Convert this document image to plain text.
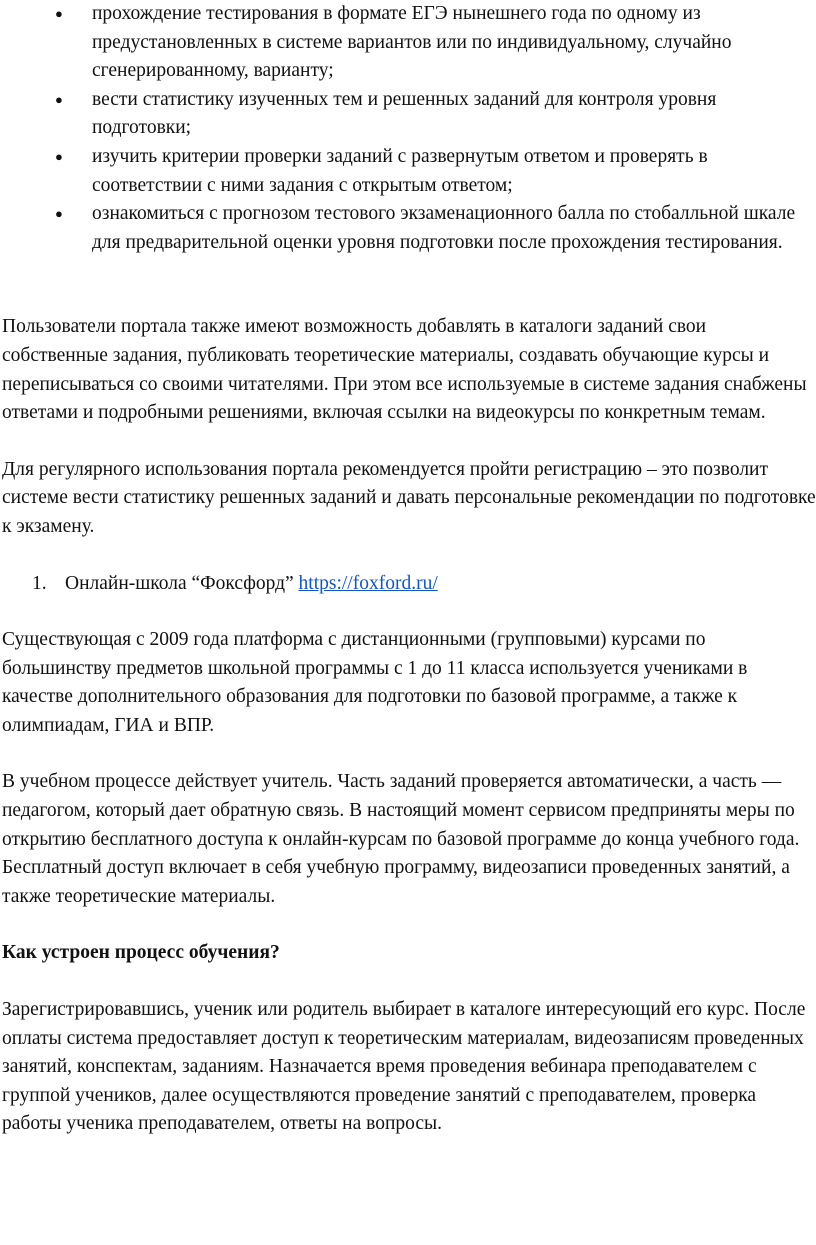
● прохождение тестирования в формате ЕГЭ нынешнего года по одному из предустановленных в системе вариантов или по индивидуальному, случайно сгенерированному, варианту;
● вести статистику изученных тем и решенных заданий для контроля уровня подготовки;
● изучить критерии проверки заданий с развернутым ответом и проверять в соответствии с ними задания с открытым ответом;
● ознакомиться с прогнозом тестового экзаменационного балла по стобалльной шкале для предварительной оценки уровня подготовки после прохождения тестирования.

Пользователи портала также имеют возможность добавлять в каталоги заданий свои собственные задания, публиковать теоретические материалы, создавать обучающие курсы и переписываться со своими читателями. При этом все используемые в системе задания снабжены ответами и подробными решениями, включая ссылки на видеокурсы по конкретным темам.

Для регулярного использования портала рекомендуется пройти регистрацию – это позволит системе вести статистику решенных заданий и давать персональные рекомендации по подготовке к экзамену.

1. Онлайн-школа “Фоксфорд” https://foxford.ru/

Существующая с 2009 года платформа с дистанционными (групповыми) курсами по большинству предметов школьной программы с 1 до 11 класса используется учениками в качестве дополнительного образования для подготовки по базовой программе, а также к олимпиадам, ГИА и ВПР.

В учебном процессе действует учитель. Часть заданий проверяется автоматически, а часть — педагогом, который дает обратную связь. В настоящий момент сервисом предприняты меры по открытию бесплатного доступа к онлайн-курсам по базовой программе до конца учебного года. Бесплатный доступ включает в себя учебную программу, видеозаписи проведенных занятий, а также теоретические материалы.

Как устроен процесс обучения?

Зарегистрировавшись, ученик или родитель выбирает в каталоге интересующий его курс. После оплаты система предоставляет доступ к теоретическим материалам, видеозаписям проведенных занятий, конспектам, заданиям. Назначается время проведения вебинара преподавателем с группой учеников, далее осуществляются проведение занятий с преподавателем, проверка работы ученика преподавателем, ответы на вопросы.
